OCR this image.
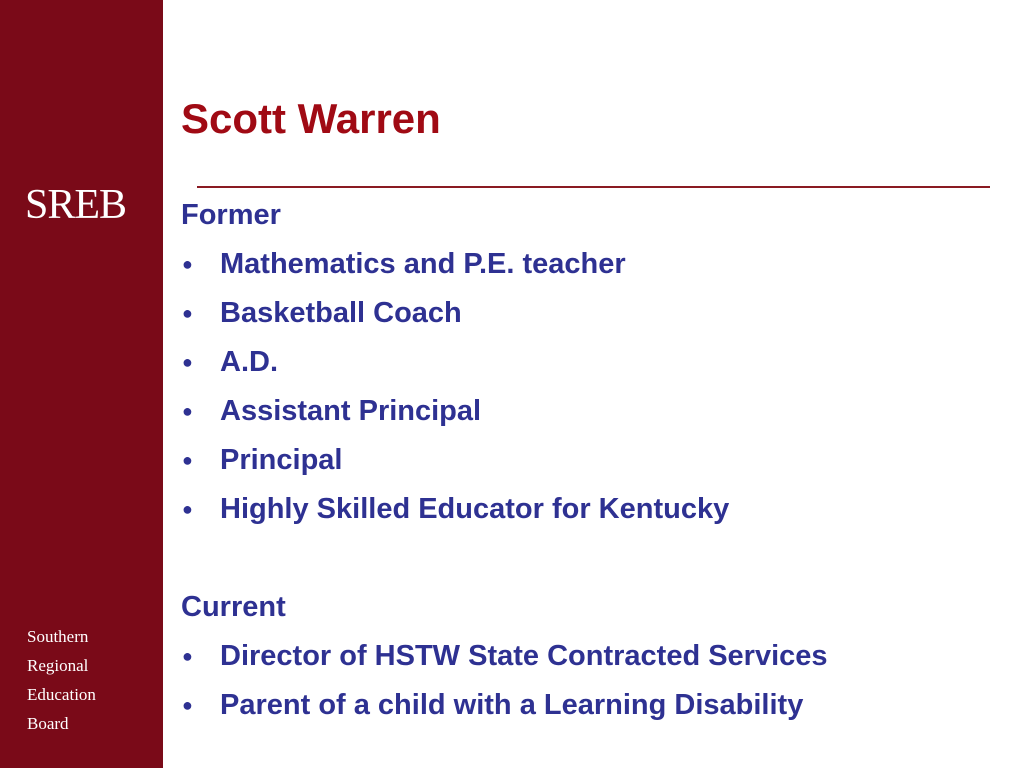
SREB
Southern
Regional
Education
Board
Scott Warren
Former
● Mathematics and P.E. teacher
● Basketball Coach
● A.D.
● Assistant Principal
● Principal
● Highly Skilled Educator for Kentucky
Current
● Director of HSTW State Contracted Services
● Parent of a child with a Learning Disability
